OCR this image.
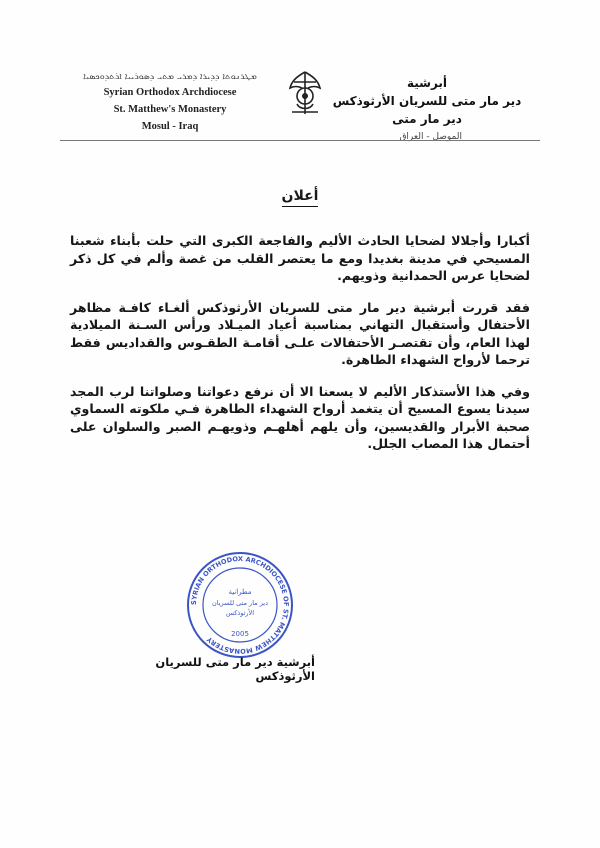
ܡܛܪܢܘܬܐ ܕܕܝܪܐ ܕܡܪܝ ܡܬܝ ܕܣܘܪܝܝܐ ܐܪܬܕܘܟܣܝܐ
Syrian Orthodox Archdiocese
St. Matthew's Monastery
Mosul - Iraq
أبرشية
دير مار متى للسريان الأرثوذكس
دير مار متى
الموصل - العراق
أعلان

أكبارا وأجلالا لضحايا الحادث الأليم والفاجعة الكبرى التي حلت بأبناء شعبنا المسيحي في مدينة بغديدا ومع ما يعتصر القلب من غصة وألم في كل ذكر لضحايا عرس الحمدانية وذويهم.

فقد قررت أبرشية دير مار متى للسريان الأرثوذكس ألغـاء كافـة مظاهر الأحتفال وأستقبال التهاني بمناسبة أعياد الميـلاد ورأس السـنة الميلادية لهذا العام، وأن تقتصـر الأحتفالات علـى أقامـة الطقـوس والقداديس فقط ترحما لأرواح الشهداء الطاهرة.

وفي هذا الأستذكار الأليم لا يسعنا الا أن نرفع دعواتنا وصلواتنا لرب المجد سيدنا يسوع المسيح أن يتغمد أرواح الشهداء الطاهرة فـي ملكوته السماوي صحبة الأبرار والقديسين، وأن يلهم أهلهـم وذويهـم الصبر والسلوان على أحتمال هذا المصاب الجلل.

SYRIAN ORTHODOX ARCHDIOCESE OF ST. MATTHEW MONASTERY
مطرانية
دير مار متى للسريان
الأرثوذكس
2005
أبرشية دير مار متى للسريان الأرثوذكس
